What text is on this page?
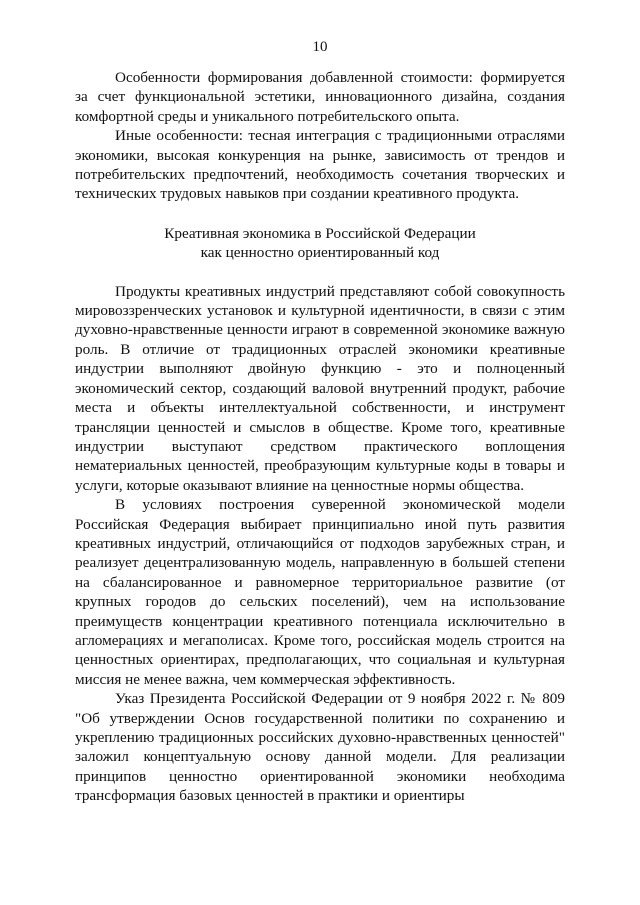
10

Особенности формирования добавленной стоимости: формируется за счет функциональной эстетики, инновационного дизайна, создания комфортной среды и уникального потребительского опыта.

Иные особенности: тесная интеграция с традиционными отраслями экономики, высокая конкуренция на рынке, зависимость от трендов и потребительских предпочтений, необходимость сочетания творческих и технических трудовых навыков при создании креативного продукта.

Креативная экономика в Российской Федерации
как ценностно ориентированный код

Продукты креативных индустрий представляют собой совокупность мировоззренческих установок и культурной идентичности, в связи с этим духовно-нравственные ценности играют в современной экономике важную роль. В отличие от традиционных отраслей экономики креативные индустрии выполняют двойную функцию - это и полноценный экономический сектор, создающий валовой внутренний продукт, рабочие места и объекты интеллектуальной собственности, и инструмент трансляции ценностей и смыслов в обществе. Кроме того, креативные индустрии выступают средством практического воплощения нематериальных ценностей, преобразующим культурные коды в товары и услуги, которые оказывают влияние на ценностные нормы общества.

В условиях построения суверенной экономической модели Российская Федерация выбирает принципиально иной путь развития креативных индустрий, отличающийся от подходов зарубежных стран, и реализует децентрализованную модель, направленную в большей степени на сбалансированное и равномерное территориальное развитие (от крупных городов до сельских поселений), чем на использование преимуществ концентрации креативного потенциала исключительно в агломерациях и мегаполисах. Кроме того, российская модель строится на ценностных ориентирах, предполагающих, что социальная и культурная миссия не менее важна, чем коммерческая эффективность.

Указ Президента Российской Федерации от 9 ноября 2022 г. № 809 "Об утверждении Основ государственной политики по сохранению и укреплению традиционных российских духовно-нравственных ценностей" заложил концептуальную основу данной модели. Для реализации принципов ценностно ориентированной экономики необходима трансформация базовых ценностей в практики и ориентиры
